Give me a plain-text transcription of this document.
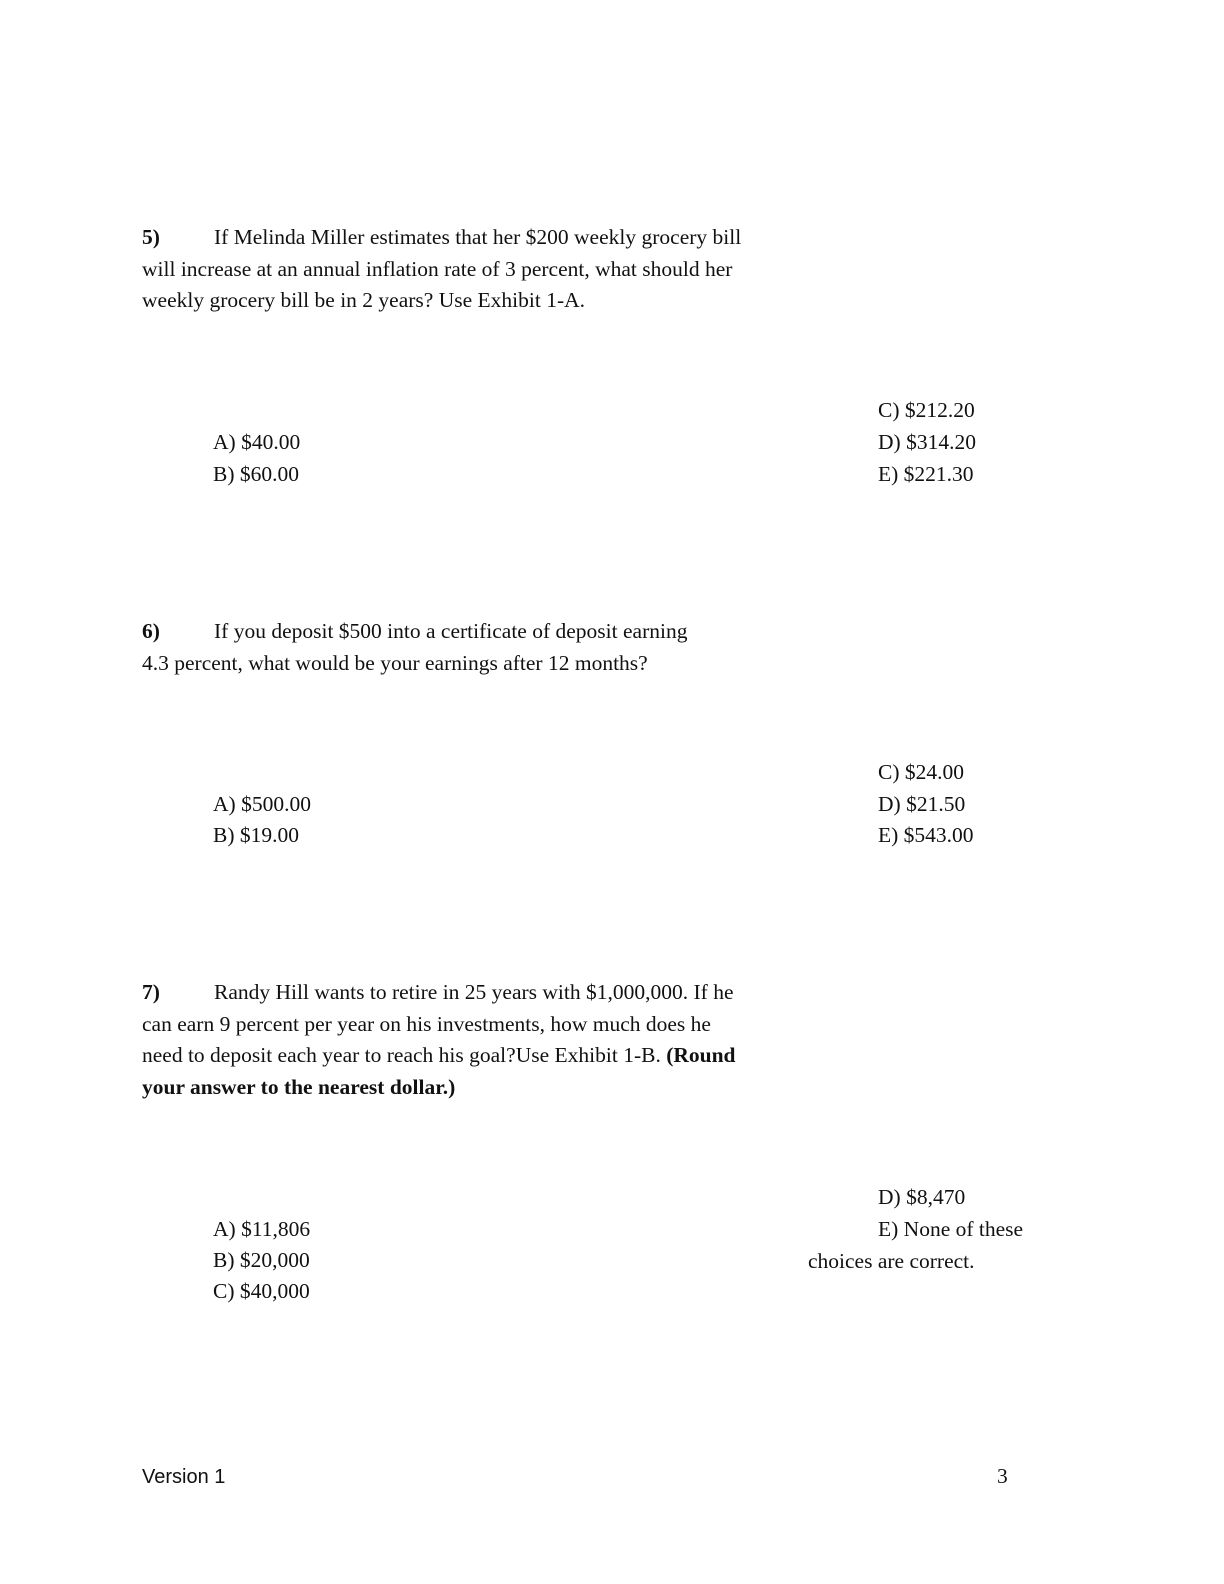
5)	If Melinda Miller estimates that her $200 weekly grocery bill will increase at an annual inflation rate of 3 percent, what should her weekly grocery bill be in 2 years? Use Exhibit 1-A.
A) $40.00
B) $60.00
C) $212.20
D) $314.20
E) $221.30
6)	If you deposit $500 into a certificate of deposit earning 4.3 percent, what would be your earnings after 12 months?
A) $500.00
B) $19.00
C) $24.00
D) $21.50
E) $543.00
7)	Randy Hill wants to retire in 25 years with $1,000,000. If he can earn 9 percent per year on his investments, how much does he need to deposit each year to reach his goal?Use Exhibit 1-B. (Round your answer to the nearest dollar.)
A) $11,806
B) $20,000
C) $40,000
D) $8,470
E) None of these
choices are correct.
Version 1	3
